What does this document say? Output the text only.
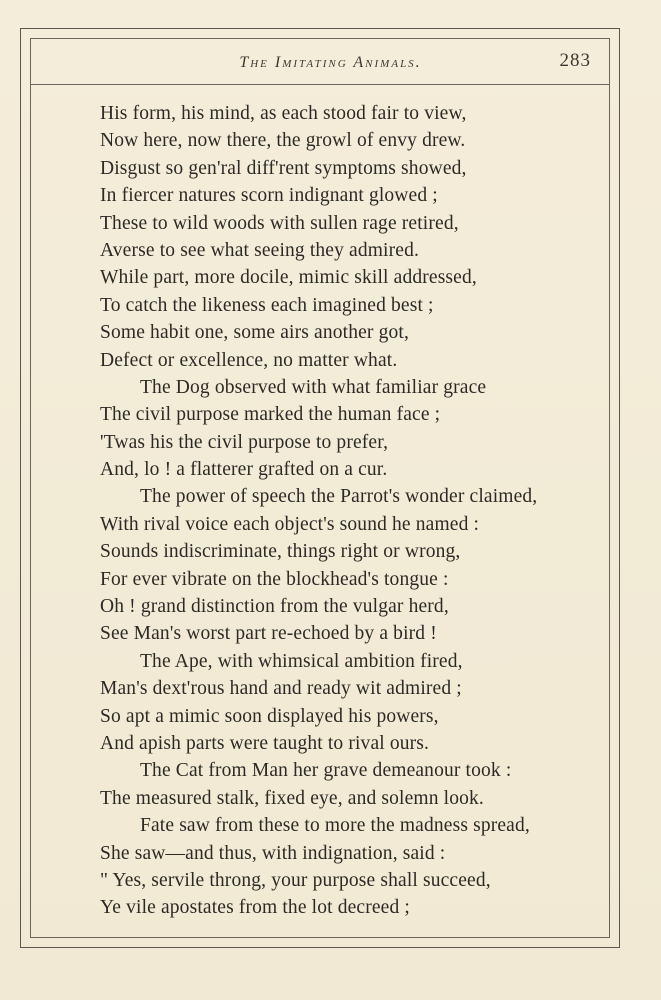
The Imitating Animals.	283
His form, his mind, as each stood fair to view,
Now here, now there, the growl of envy drew.
Disgust so gen'ral diff'rent symptoms showed,
In fiercer natures scorn indignant glowed ;
These to wild woods with sullen rage retired,
Averse to see what seeing they admired.
While part, more docile, mimic skill addressed,
To catch the likeness each imagined best ;
Some habit one, some airs another got,
Defect or excellence, no matter what.
The Dog observed with what familiar grace
The civil purpose marked the human face ;
'Twas his the civil purpose to prefer,
And, lo ! a flatterer grafted on a cur.
The power of speech the Parrot's wonder claimed,
With rival voice each object's sound he named :
Sounds indiscriminate, things right or wrong,
For ever vibrate on the blockhead's tongue :
Oh ! grand distinction from the vulgar herd,
See Man's worst part re-echoed by a bird !
The Ape, with whimsical ambition fired,
Man's dext'rous hand and ready wit admired ;
So apt a mimic soon displayed his powers,
And apish parts were taught to rival ours.
The Cat from Man her grave demeanour took :
The measured stalk, fixed eye, and solemn look.
Fate saw from these to more the madness spread,
She saw—and thus, with indignation, said :
" Yes, servile throng, your purpose shall succeed,
Ye vile apostates from the lot decreed ;
